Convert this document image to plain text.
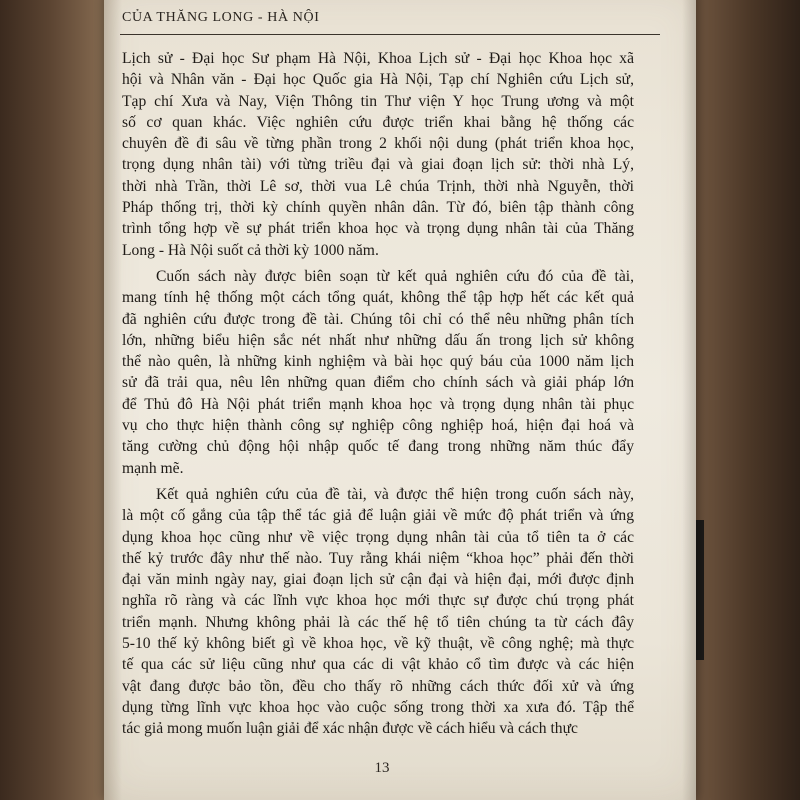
CỦA THĂNG LONG - HÀ NỘI

Lịch sử - Đại học Sư phạm Hà Nội, Khoa Lịch sử - Đại học Khoa học xã
hội và Nhân văn - Đại học Quốc gia Hà Nội, Tạp chí Nghiên cứu Lịch sử,
Tạp chí Xưa và Nay, Viện Thông tin Thư viện Y học Trung ương và một
số cơ quan khác. Việc nghiên cứu được triển khai bằng hệ thống các
chuyên đề đi sâu về từng phần trong 2 khối nội dung (phát triển khoa học,
trọng dụng nhân tài) với từng triều đại và giai đoạn lịch sử: thời nhà Lý,
thời nhà Trần, thời Lê sơ, thời vua Lê chúa Trịnh, thời nhà Nguyễn, thời
Pháp thống trị, thời kỳ chính quyền nhân dân. Từ đó, biên tập thành công
trình tổng hợp về sự phát triển khoa học và trọng dụng nhân tài của Thăng
Long - Hà Nội suốt cả thời kỳ 1000 năm.

Cuốn sách này được biên soạn từ kết quả nghiên cứu đó của đề tài,
mang tính hệ thống một cách tổng quát, không thể tập hợp hết các kết quả
đã nghiên cứu được trong đề tài. Chúng tôi chỉ có thể nêu những phân tích
lớn, những biểu hiện sắc nét nhất như những dấu ấn trong lịch sử không
thể nào quên, là những kinh nghiệm và bài học quý báu của 1000 năm lịch
sử đã trải qua, nêu lên những quan điểm cho chính sách và giải pháp lớn
để Thủ đô Hà Nội phát triển mạnh khoa học và trọng dụng nhân tài phục
vụ cho thực hiện thành công sự nghiệp công nghiệp hoá, hiện đại hoá và
tăng cường chủ động hội nhập quốc tế đang trong những năm thúc đẩy
mạnh mẽ.

Kết quả nghiên cứu của đề tài, và được thể hiện trong cuốn sách này,
là một cố gắng của tập thể tác giả để luận giải về mức độ phát triển và ứng
dụng khoa học cũng như về việc trọng dụng nhân tài của tổ tiên ta ở các
thế kỷ trước đây như thế nào. Tuy rằng khái niệm “khoa học” phải đến thời
đại văn minh ngày nay, giai đoạn lịch sử cận đại và hiện đại, mới được định
nghĩa rõ ràng và các lĩnh vực khoa học mới thực sự được chú trọng phát
triển mạnh. Nhưng không phải là các thế hệ tổ tiên chúng ta từ cách đây
5-10 thế kỷ không biết gì về khoa học, về kỹ thuật, về công nghệ; mà thực
tế qua các sử liệu cũng như qua các di vật khảo cổ tìm được và các hiện
vật đang được bảo tồn, đều cho thấy rõ những cách thức đối xử và ứng
dụng từng lĩnh vực khoa học vào cuộc sống trong thời xa xưa đó. Tập thể
tác giả mong muốn luận giải để xác nhận được về cách hiểu và cách thực

13
